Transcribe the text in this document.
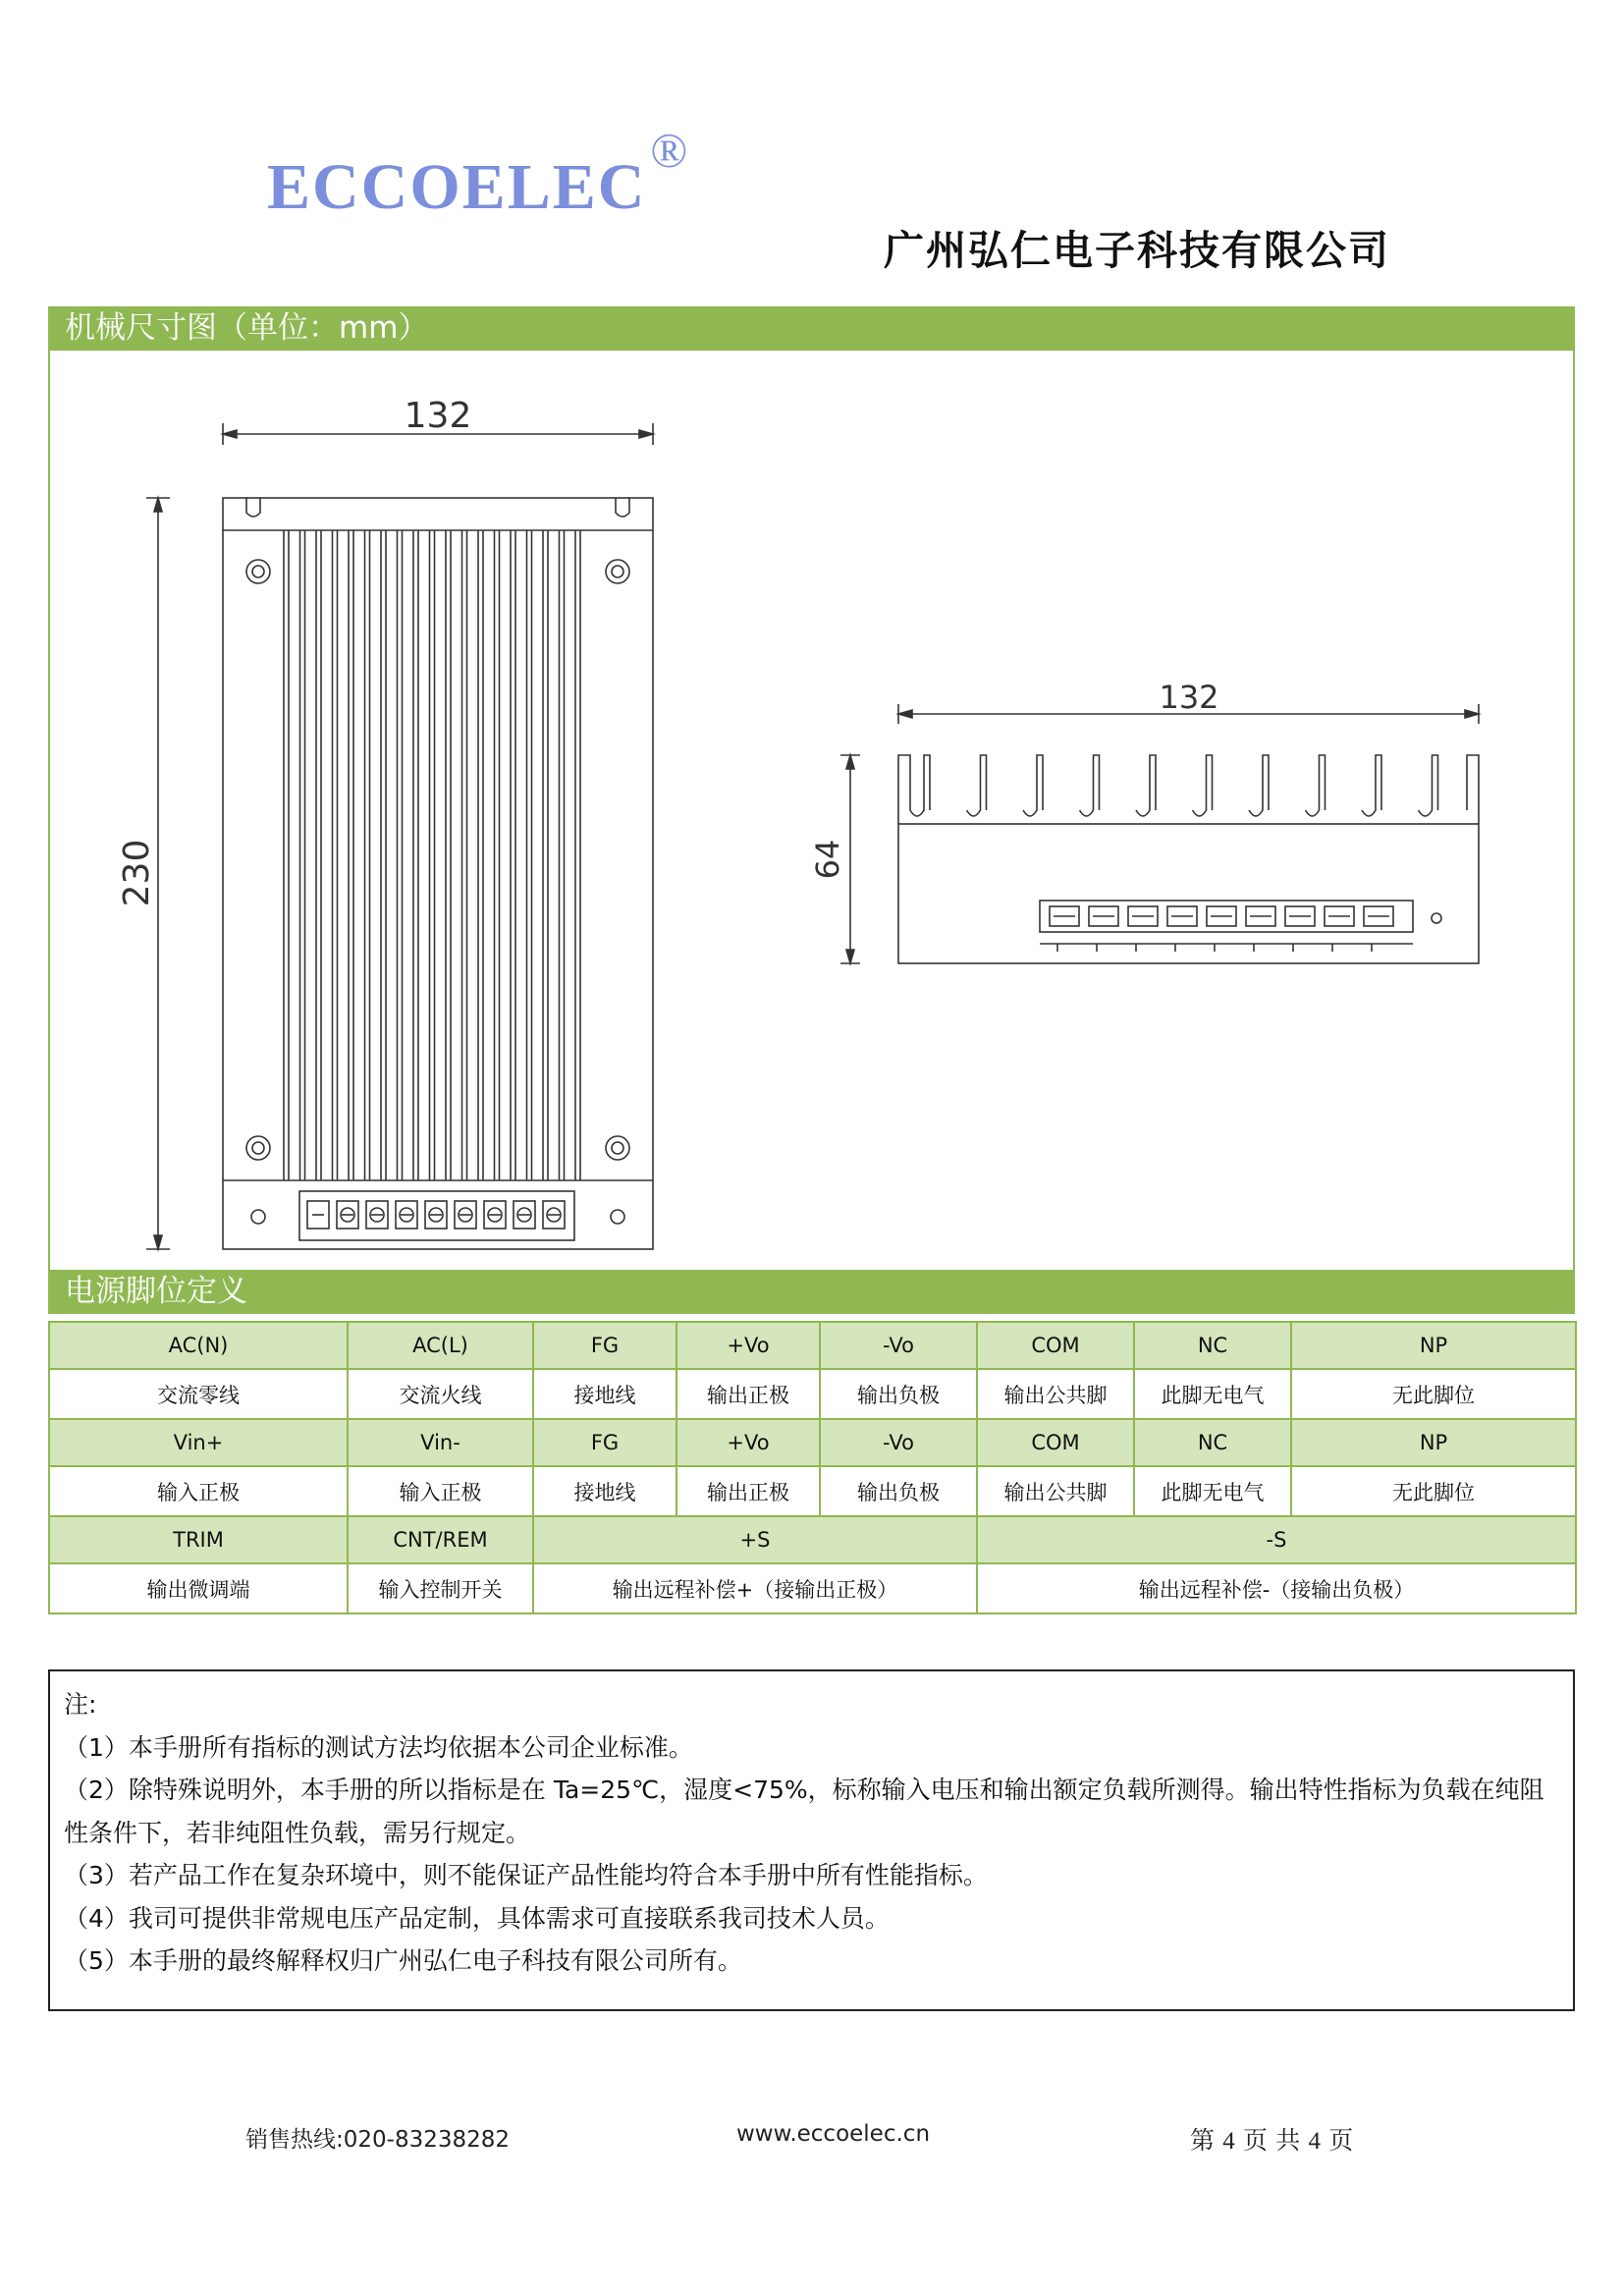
ECCOELEC
®
广州弘仁电子科技有限公司
机械尺寸图（单位：mm）
132
230
132
64
电源脚位定义
AC(N)	AC(L)	FG	+Vo	-Vo	COM	NC	NP
交流零线	交流火线	接地线	输出正极	输出负极	输出公共脚	此脚无电气	无此脚位
Vin+	Vin-	FG	+Vo	-Vo	COM	NC	NP
输入正极	输入正极	接地线	输出正极	输出负极	输出公共脚	此脚无电气	无此脚位
TRIM	CNT/REM	+S			-S		
输出微调端	输入控制开关	输出远程补偿+（接输出正极）			输出远程补偿-（接输出负极）		
注:
（1）本手册所有指标的测试方法均依据本公司企业标准。
（2）除特殊说明外，本手册的所以指标是在 Ta=25℃，湿度<75%，标称输入电压和输出额定负载所测得。输出特性指标为负载在纯阻性条件下，若非纯阻性负载，需另行规定。
（3）若产品工作在复杂环境中，则不能保证产品性能均符合本手册中所有性能指标。
（4）我司可提供非常规电压产品定制，具体需求可直接联系我司技术人员。
（5）本手册的最终解释权归广州弘仁电子科技有限公司所有。
销售热线:020-83238282	www.eccoelec.cn	第 4 页 共 4 页
